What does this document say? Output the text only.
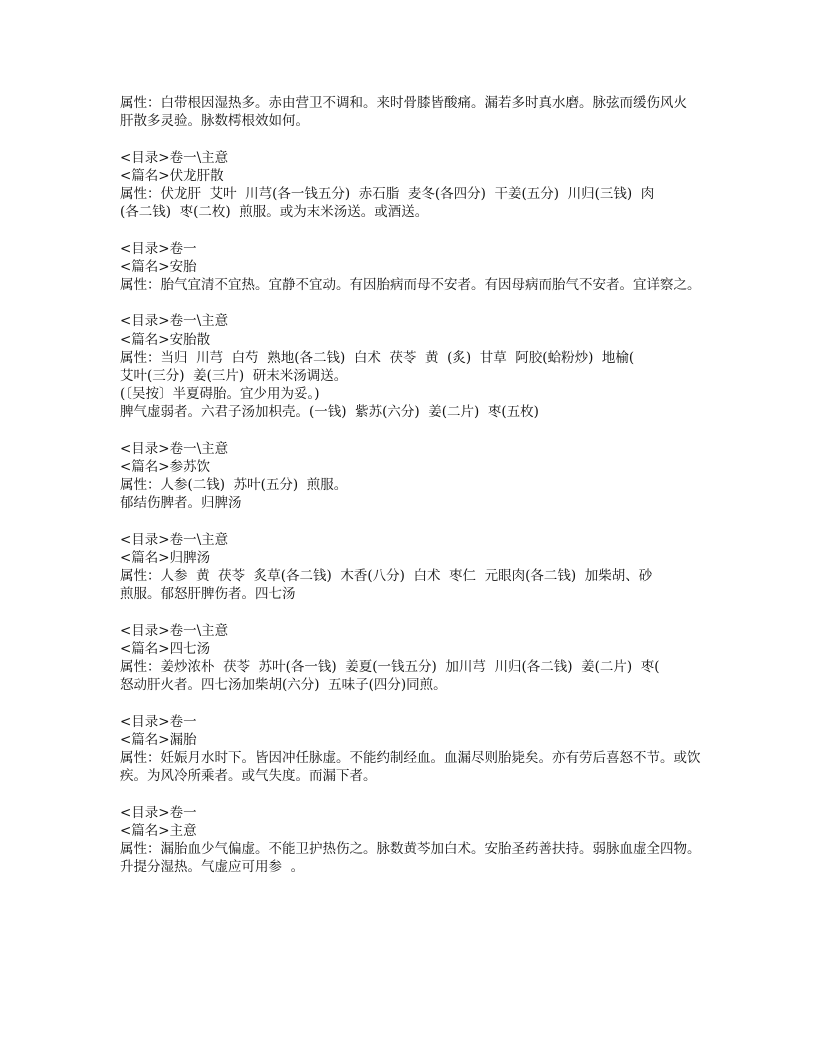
属性：白带根因湿热多。赤由营卫不调和。来时骨膝皆酸痛。漏若多时真水磨。脉弦而缓伤风火

肝散多灵验。脉数樗根效如何。

<目录>卷一\主意

<篇名>伏龙肝散

属性：伏龙肝  艾叶  川芎(各一钱五分)  赤石脂  麦冬(各四分)  干姜(五分)  川归(三钱)  肉

(各二钱)  枣(二枚)  煎服。或为末米汤送。或酒送。

<目录>卷一

<篇名>安胎

属性：胎气宜清不宜热。宜静不宜动。有因胎病而母不安者。有因母病而胎气不安者。宜详察之。

<目录>卷一\主意

<篇名>安胎散

属性：当归  川芎  白芍  熟地(各二钱)  白术  茯苓  黄  (炙)  甘草  阿胶(蛤粉炒)  地榆(

艾叶(三分)  姜(三片)  研末米汤调送。

(〔吴按〕半夏碍胎。宜少用为妥。)

脾气虚弱者。六君子汤加枳壳。(一钱)  紫苏(六分)  姜(二片)  枣(五枚)

<目录>卷一\主意

<篇名>参苏饮

属性：人参(二钱)  苏叶(五分)  煎服。

郁结伤脾者。归脾汤

<目录>卷一\主意

<篇名>归脾汤

属性：人参  黄  茯苓  炙草(各二钱)  木香(八分)  白术  枣仁  元眼肉(各二钱)  加柴胡、砂

煎服。郁怒肝脾伤者。四七汤

<目录>卷一\主意

<篇名>四七汤

属性：姜炒浓朴  茯苓  苏叶(各一钱)  姜夏(一钱五分)  加川芎  川归(各二钱)  姜(二片)  枣(

怒动肝火者。四七汤加柴胡(六分)  五味子(四分)同煎。

<目录>卷一

<篇名>漏胎

属性：妊娠月水时下。皆因冲任脉虚。不能约制经血。血漏尽则胎毙矣。亦有劳后喜怒不节。或饮

疾。为风冷所乘者。或气失度。而漏下者。

<目录>卷一

<篇名>主意

属性：漏胎血少气偏虚。不能卫护热伤之。脉数黄芩加白术。安胎圣药善扶持。弱脉血虚全四物。

升提分湿热。气虚应可用参  。
